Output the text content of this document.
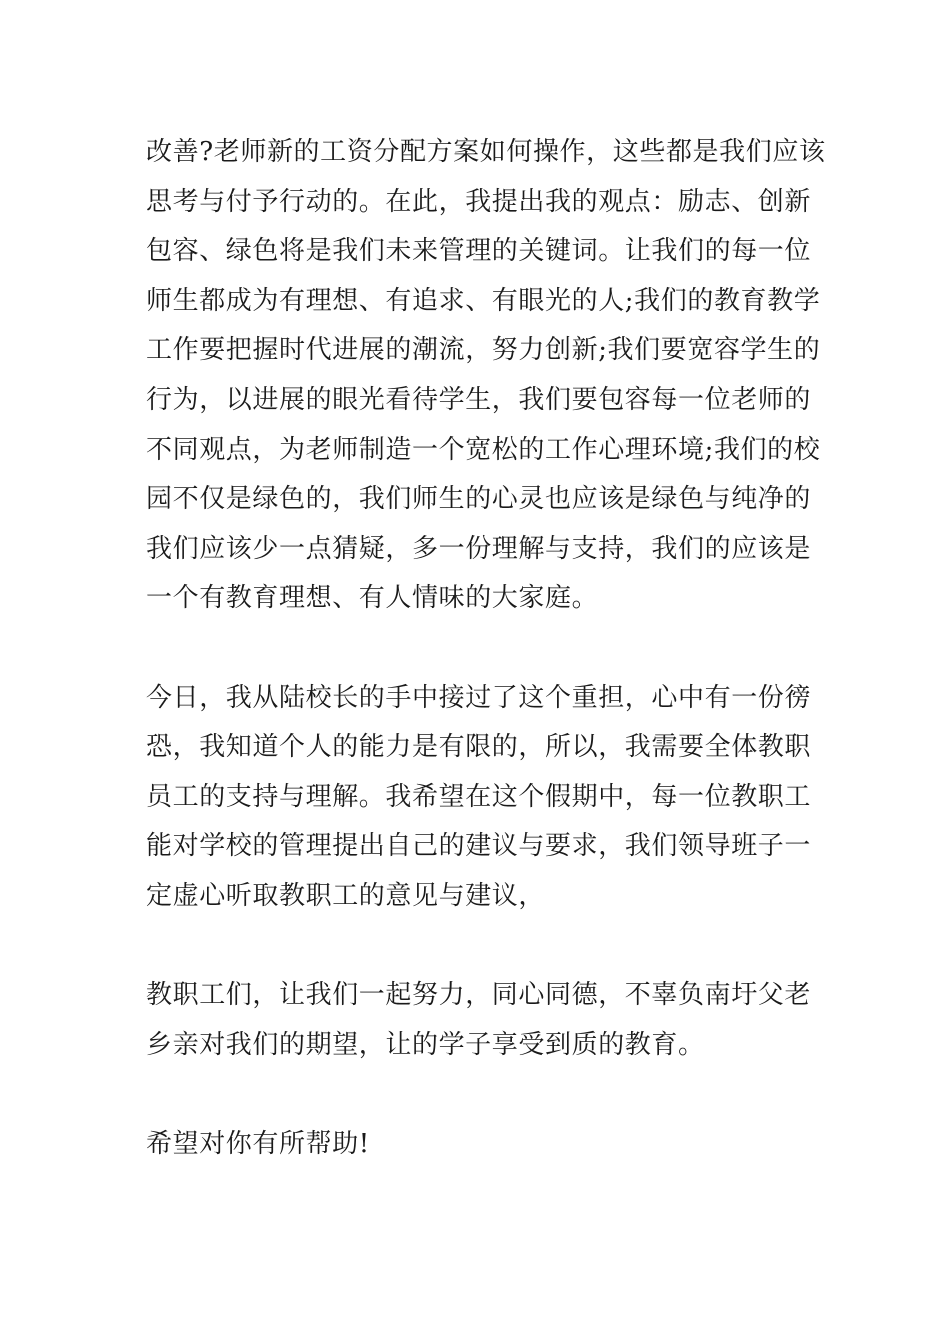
改善?老师新的工资分配方案如何操作，这些都是我们应该
思考与付予行动的。在此，我提出我的观点：励志、创新
包容、绿色将是我们未来管理的关键词。让我们的每一位
师生都成为有理想、有追求、有眼光的人;我们的教育教学
工作要把握时代进展的潮流，努力创新;我们要宽容学生的
行为，以进展的眼光看待学生，我们要包容每一位老师的
不同观点，为老师制造一个宽松的工作心理环境;我们的校
园不仅是绿色的，我们师生的心灵也应该是绿色与纯净的
我们应该少一点猜疑，多一份理解与支持，我们的应该是
一个有教育理想、有人情味的大家庭。
今日，我从陆校长的手中接过了这个重担，心中有一份徬
恐，我知道个人的能力是有限的，所以，我需要全体教职
员工的支持与理解。我希望在这个假期中，每一位教职工
能对学校的管理提出自己的建议与要求，我们领导班子一
定虚心听取教职工的意见与建议，
教职工们，让我们一起努力，同心同德，不辜负南圩父老
乡亲对我们的期望，让的学子享受到质的教育。
希望对你有所帮助!
